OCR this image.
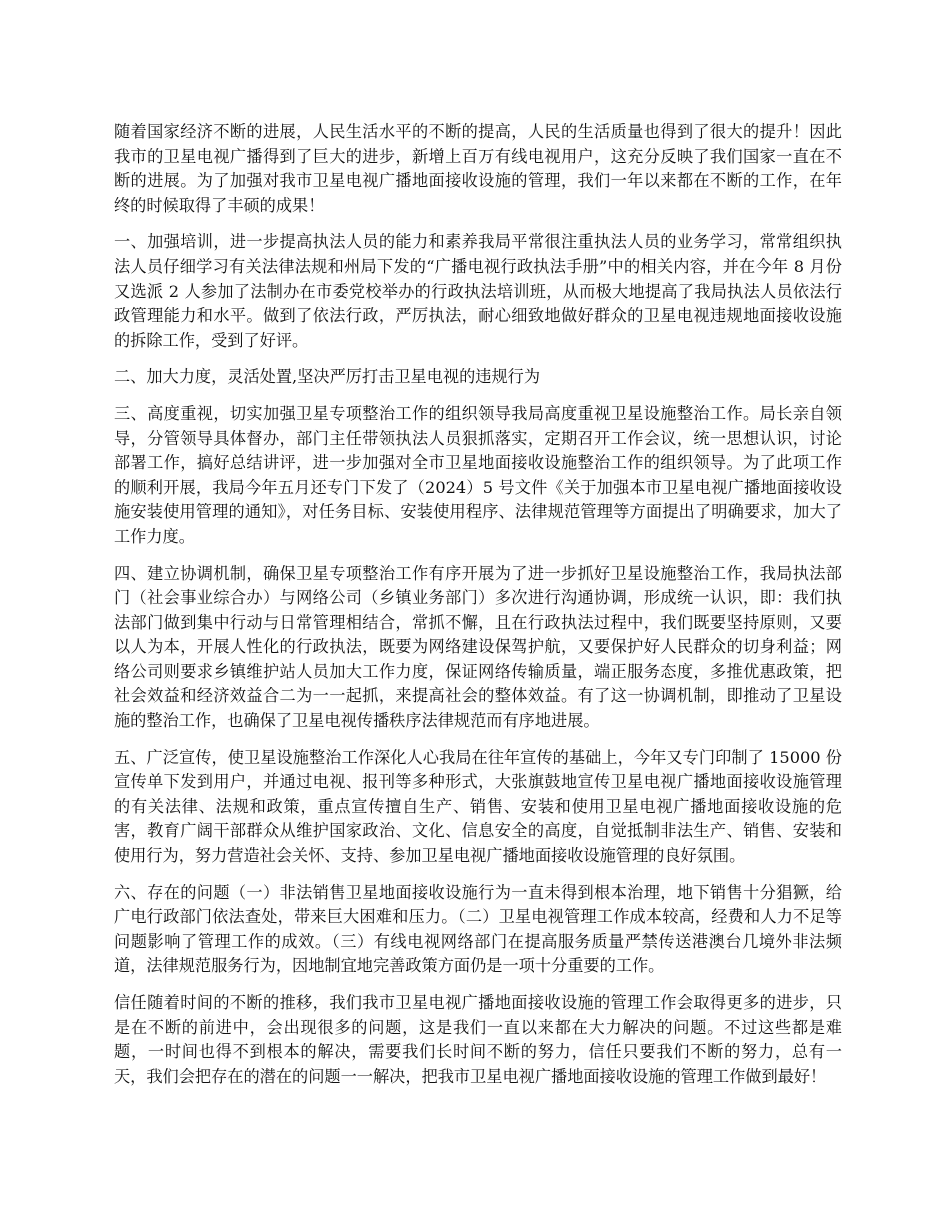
随着国家经济不断的进展，人民生活水平的不断的提高，人民的生活质量也得到了很大的提升！因此我市的卫星电视广播得到了巨大的进步，新增上百万有线电视用户，这充分反映了我们国家一直在不断的进展。为了加强对我市卫星电视广播地面接收设施的管理，我们一年以来都在不断的工作，在年终的时候取得了丰硕的成果！

一、加强培训，进一步提高执法人员的能力和素养我局平常很注重执法人员的业务学习，常常组织执法人员仔细学习有关法律法规和州局下发的“广播电视行政执法手册”中的相关内容，并在今年 8 月份又选派 2 人参加了法制办在市委党校举办的行政执法培训班，从而极大地提高了我局执法人员依法行政管理能力和水平。做到了依法行政，严厉执法，耐心细致地做好群众的卫星电视违规地面接收设施的拆除工作，受到了好评。

二、加大力度，灵活处置,坚决严厉打击卫星电视的违规行为

三、高度重视，切实加强卫星专项整治工作的组织领导我局高度重视卫星设施整治工作。局长亲自领导，分管领导具体督办，部门主任带领执法人员狠抓落实，定期召开工作会议，统一思想认识，讨论部署工作，搞好总结讲评，进一步加强对全市卫星地面接收设施整治工作的组织领导。为了此项工作的顺利开展，我局今年五月还专门下发了（2024）5 号文件《关于加强本市卫星电视广播地面接收设施安装使用管理的通知》，对任务目标、安装使用程序、法律规范管理等方面提出了明确要求，加大了工作力度。

四、建立协调机制，确保卫星专项整治工作有序开展为了进一步抓好卫星设施整治工作，我局执法部门（社会事业综合办）与网络公司（乡镇业务部门）多次进行沟通协调，形成统一认识，即：我们执法部门做到集中行动与日常管理相结合，常抓不懈，且在行政执法过程中，我们既要坚持原则，又要以人为本，开展人性化的行政执法，既要为网络建设保驾护航，又要保护好人民群众的切身利益；网络公司则要求乡镇维护站人员加大工作力度，保证网络传输质量，端正服务态度，多推优惠政策，把社会效益和经济效益合二为一一起抓，来提高社会的整体效益。有了这一协调机制，即推动了卫星设施的整治工作，也确保了卫星电视传播秩序法律规范而有序地进展。

五、广泛宣传，使卫星设施整治工作深化人心我局在往年宣传的基础上，今年又专门印制了 15000 份宣传单下发到用户，并通过电视、报刊等多种形式，大张旗鼓地宣传卫星电视广播地面接收设施管理的有关法律、法规和政策，重点宣传擅自生产、销售、安装和使用卫星电视广播地面接收设施的危害，教育广阔干部群众从维护国家政治、文化、信息安全的高度，自觉抵制非法生产、销售、安装和使用行为，努力营造社会关怀、支持、参加卫星电视广播地面接收设施管理的良好氛围。

六、存在的问题（一）非法销售卫星地面接收设施行为一直未得到根本治理，地下销售十分猖獗，给广电行政部门依法查处，带来巨大困难和压力。（二）卫星电视管理工作成本较高，经费和人力不足等问题影响了管理工作的成效。（三）有线电视网络部门在提高服务质量严禁传送港澳台几境外非法频道，法律规范服务行为，因地制宜地完善政策方面仍是一项十分重要的工作。

信任随着时间的不断的推移，我们我市卫星电视广播地面接收设施的管理工作会取得更多的进步，只是在不断的前进中，会出现很多的问题，这是我们一直以来都在大力解决的问题。不过这些都是难题，一时间也得不到根本的解决，需要我们长时间不断的努力，信任只要我们不断的努力，总有一天，我们会把存在的潜在的问题一一解决，把我市卫星电视广播地面接收设施的管理工作做到最好！
